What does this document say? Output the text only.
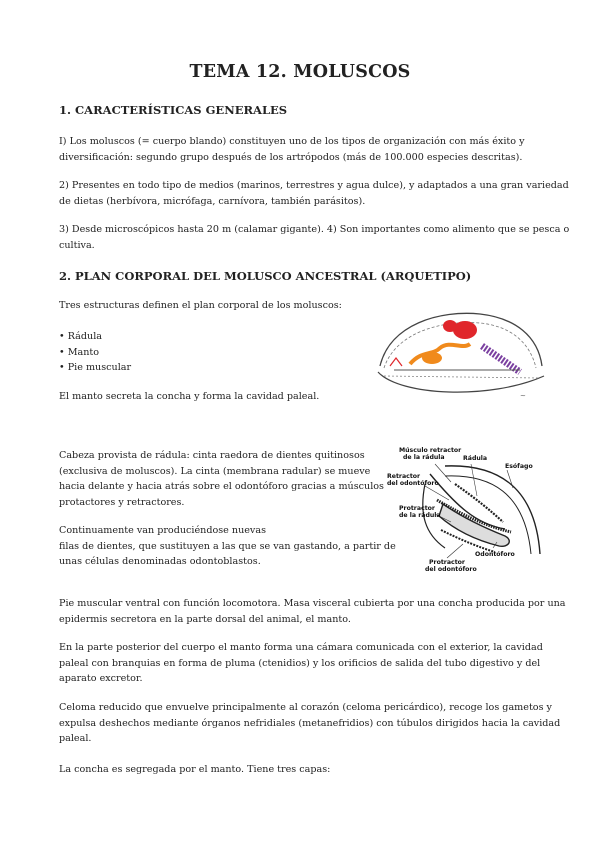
TEMA 12. MOLUSCOS
1. CARACTERÍSTICAS GENERALES
I) Los moluscos (= cuerpo blando) constituyen uno de los tipos de organización con más éxito y
diversificación: segundo grupo después de los artrópodos (más de 100.000 especies descritas).
2) Presentes en todo tipo de medios (marinos, terrestres y agua dulce), y adaptados a una gran variedad
de dietas (herbívora, micrófaga, carnívora, también parásitos).
3) Desde microscópicos hasta 20 m (calamar gigante). 4) Son importantes como alimento que se pesca o
cultiva.
2. PLAN CORPORAL DEL MOLUSCO ANCESTRAL (ARQUETIPO)
Tres estructuras definen el plan corporal de los moluscos:
• Rádula
• Manto
• Pie muscular
El manto secreta la concha y forma la cavidad paleal.	~
Cabeza provista de rádula: cinta raedora de dientes quitinosos
(exclusiva de moluscos). La cinta (membrana radular) se mueve
hacia delante y hacia atrás sobre el odontóforo gracias a músculos
protactores y retractores.
Continuamente van produciéndose nuevas
filas de dientes, que sustituyen a las que se van gastando, a partir de
unas células denominadas odontoblastos.
Músculo retractor
de la rádula	Rádula
Esófago
Retractor
del odontóforo
Protractor
de la rádula
Odontóforo
Protractor
del odontóforo
Pie muscular ventral con función locomotora. Masa visceral cubierta por una concha producida por una
epidermis secretora en la parte dorsal del animal, el manto.
En la parte posterior del cuerpo el manto forma una cámara comunicada con el exterior, la cavidad
paleal con branquias en forma de pluma (ctenidios) y los orificios de salida del tubo digestivo y del
aparato excretor.
Celoma reducido que envuelve principalmente al corazón (celoma pericárdico), recoge los gametos y
expulsa deshechos mediante órganos nefridiales (metanefridios) con túbulos dirigidos hacia la cavidad
paleal.
La concha es segregada por el manto. Tiene tres capas:
